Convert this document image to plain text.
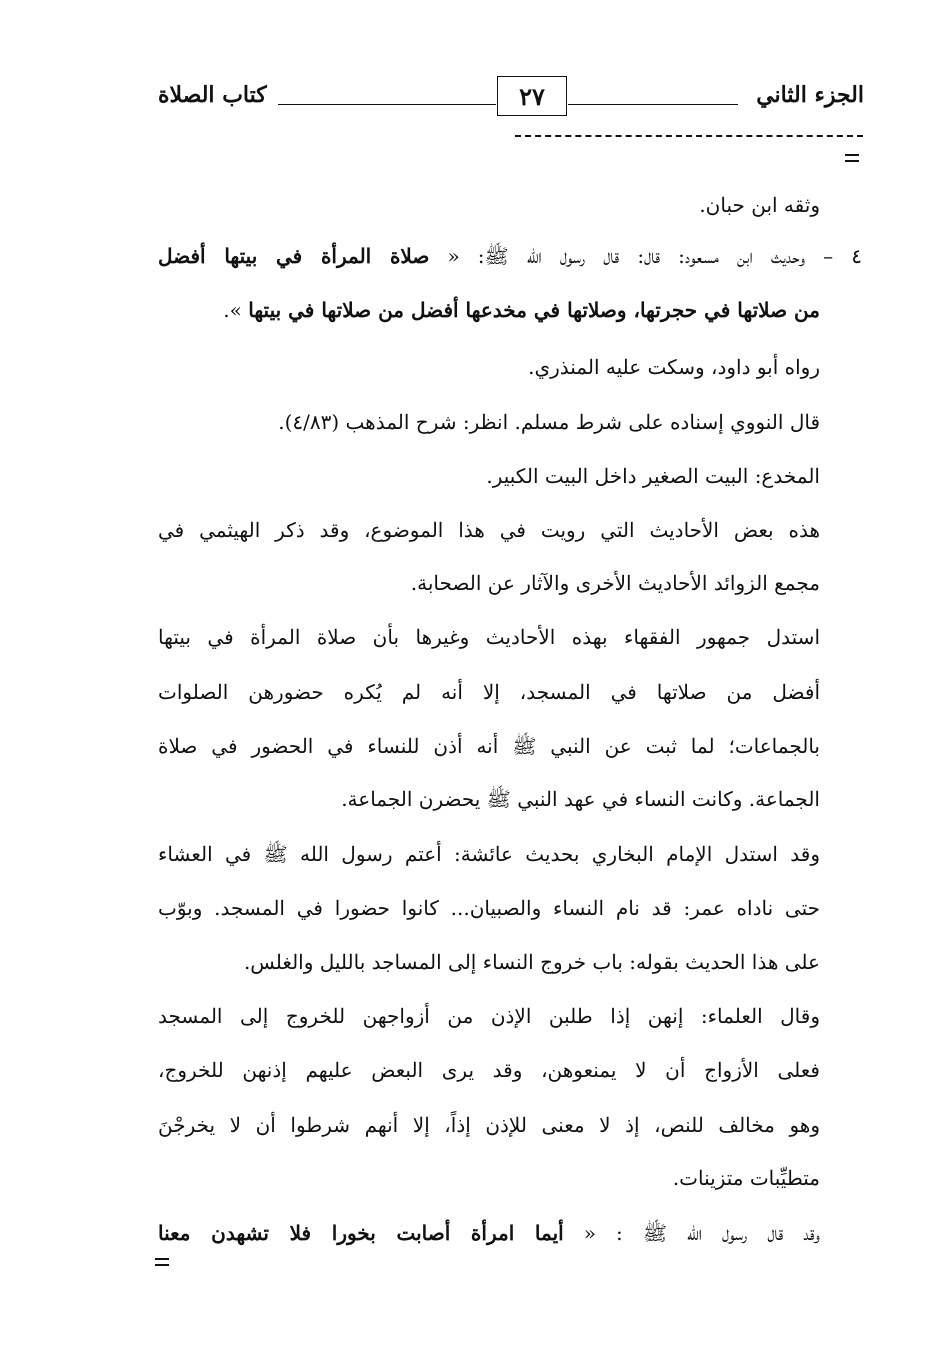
الجزء الثاني
٢٧
كتاب الصلاة
وثقه ابن حبان.
٤ – وحديث ابن مسعود: قال: قال رسول الله ﷺ: « صلاة المرأة في بيتها أفضل
من صلاتها في حجرتها، وصلاتها في مخدعها أفضل من صلاتها في بيتها ».
رواه أبو داود، وسكت عليه المنذري.
قال النووي إسناده على شرط مسلم. انظر: شرح المذهب (٤/٨٣).
المخدع: البيت الصغير داخل البيت الكبير.
هذه بعض الأحاديث التي رويت في هذا الموضوع، وقد ذكر الهيثمي في
مجمع الزوائد الأحاديث الأخرى والآثار عن الصحابة.
استدل جمهور الفقهاء بهذه الأحاديث وغيرها بأن صلاة المرأة في بيتها
أفضل من صلاتها في المسجد، إلا أنه لم يُكره حضورهن الصلوات
بالجماعات؛ لما ثبت عن النبي ﷺ أنه أذن للنساء في الحضور في صلاة
الجماعة. وكانت النساء في عهد النبي ﷺ يحضرن الجماعة.
وقد استدل الإمام البخاري بحديث عائشة: أعتم رسول الله ﷺ في العشاء
حتى ناداه عمر: قد نام النساء والصبيان... كانوا حضورا في المسجد. وبوّب
على هذا الحديث بقوله: باب خروج النساء إلى المساجد بالليل والغلس.
وقال العلماء: إنهن إذا طلبن الإذن من أزواجهن للخروج إلى المسجد
فعلى الأزواج أن لا يمنعوهن، وقد يرى البعض عليهم إذنهن للخروج،
وهو مخالف للنص، إذ لا معنى للإذن إذاً، إلا أنهم شرطوا أن لا يخرجْنَ
متطيِّبات متزينات.
وقد قال رسول الله ﷺ : « أيما امرأة أصابت بخورا فلا تشهدن معنا
